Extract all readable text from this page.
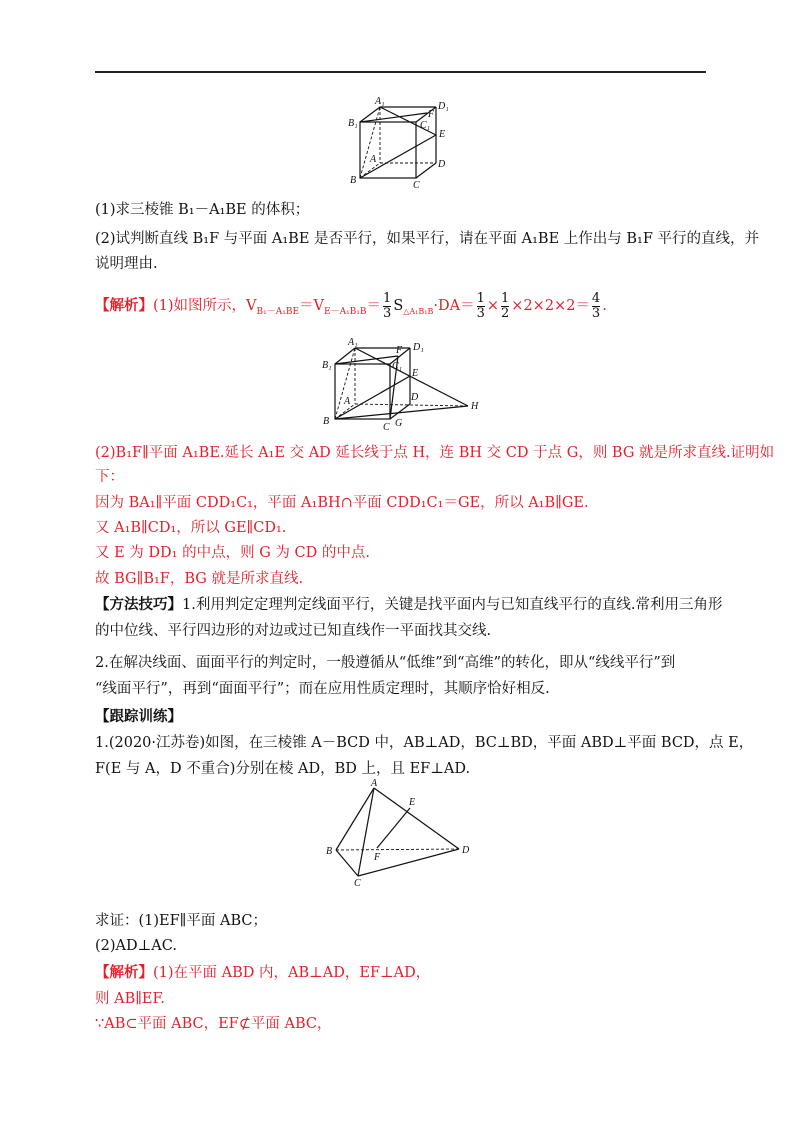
A₁	D₁
B₁
F
C₁
E
A	D
B	C
(1)求三棱锥 B₁－A₁BE 的体积；
(2)试判断直线 B₁F 与平面 A₁BE 是否平行，如果平行，请在平面 A₁BE 上作出与 B₁F 平行的直线，并
说明理由.
【解析】(1)如图所示，$V_{B_1-A_1BE}=V_{E-A_1B_1B}= \frac{1}{3} S_{\triangle A_1B_1B}\cdot DA= \frac{1}{3} \times \frac{1}{2} \times 2\times 2\times 2= \frac{4}{3}$ .
A₁	D₁
B₁
F
C₁
E
A	D
B
C G
H
(2)B₁F∥平面 A₁BE.延长 A₁E 交 AD 延长线于点 H，连 BH 交 CD 于点 G，则 BG 就是所求直线.证明如
下：
因为 BA₁∥平面 CDD₁C₁，平面 A₁BH∩平面 CDD₁C₁＝GE，所以 A₁B∥GE.
又 A₁B∥CD₁，所以 GE∥CD₁.
又 E 为 DD₁ 的中点，则 G 为 CD 的中点.
故 BG∥B₁F，BG 就是所求直线.
【方法技巧】1.利用判定定理判定线面平行，关键是找平面内与已知直线平行的直线.常利用三角形
的中位线、平行四边形的对边或过已知直线作一平面找其交线.
2.在解决线面、面面平行的判定时，一般遵循从“低维”到“高维”的转化，即从“线线平行”到
“线面平行”，再到“面面平行”；而在应用性质定理时，其顺序恰好相反.
【跟踪训练】
1.(2020·江苏卷)如图，在三棱锥 A－BCD 中，AB⊥AD，BC⊥BD，平面 ABD⊥平面 BCD，点 E，
F(E 与 A，D 不重合)分别在棱 AD，BD 上，且 EF⊥AD.
A
E
B
F
D
C
求证：(1)EF∥平面 ABC；
(2)AD⊥AC.
【解析】(1)在平面 ABD 内，AB⊥AD，EF⊥AD，
则 AB∥EF.
∵AB⊂平面 ABC，EF⊄平面 ABC，
